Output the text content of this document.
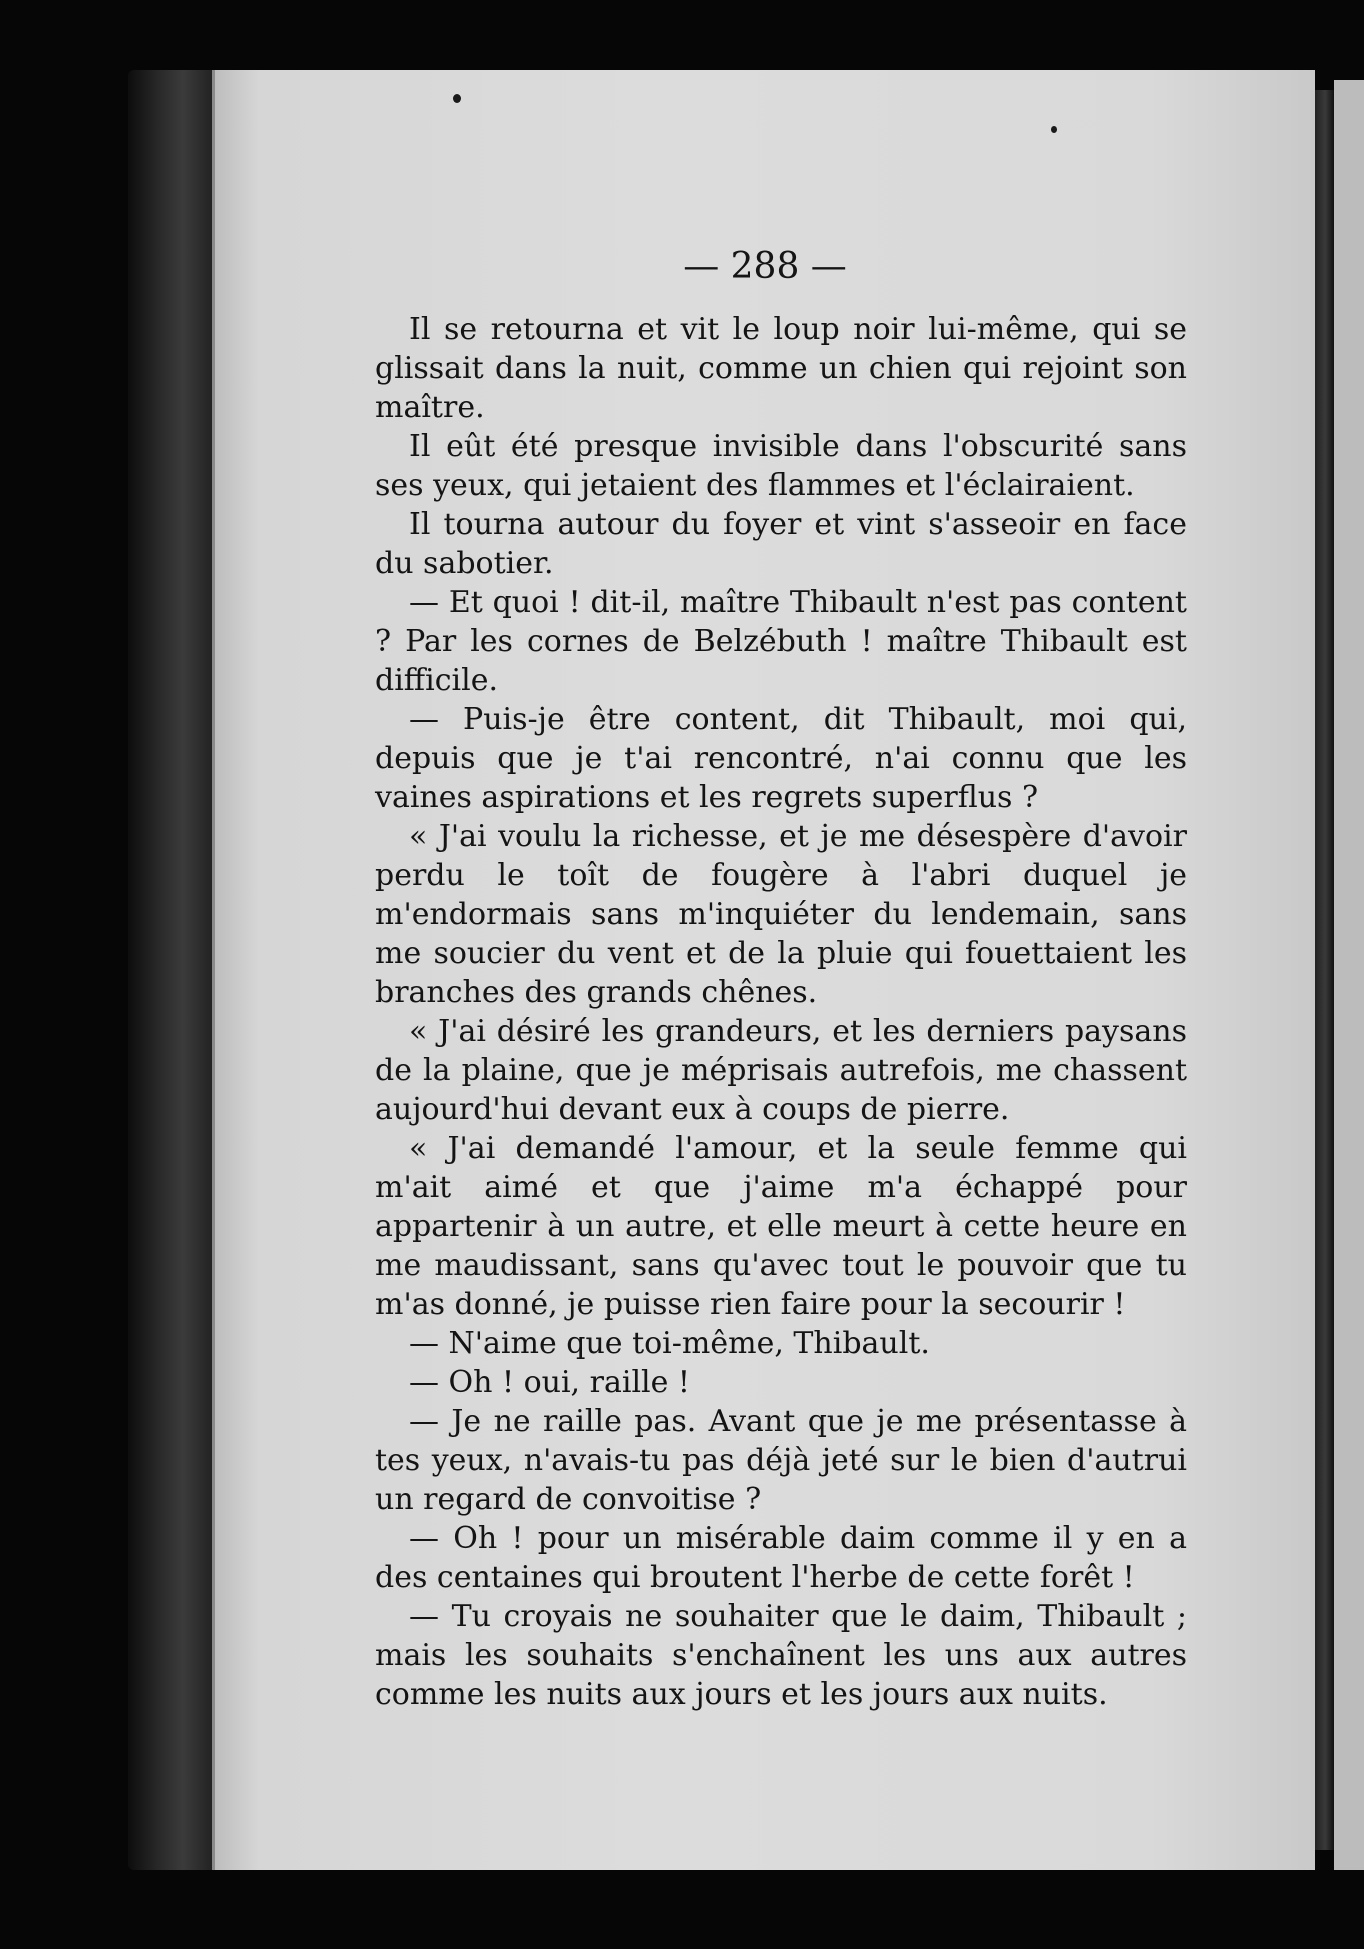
— 288 —

Il se retourna et vit le loup noir lui-même, qui se glissait dans la nuit, comme un chien qui rejoint son maître.

Il eût été presque invisible dans l'obscurité sans ses yeux, qui jetaient des flammes et l'éclairaient.

Il tourna autour du foyer et vint s'asseoir en face du sabotier.

— Et quoi ! dit-il, maître Thibault n'est pas content ? Par les cornes de Belzébuth ! maître Thibault est difficile.

— Puis-je être content, dit Thibault, moi qui, depuis que je t'ai rencontré, n'ai connu que les vaines aspirations et les regrets superflus ?

« J'ai voulu la richesse, et je me désespère d'avoir perdu le toît de fougère à l'abri duquel je m'endormais sans m'inquiéter du lendemain, sans me soucier du vent et de la pluie qui fouettaient les branches des grands chênes.

« J'ai désiré les grandeurs, et les derniers paysans de la plaine, que je méprisais autrefois, me chassent aujourd'hui devant eux à coups de pierre.

« J'ai demandé l'amour, et la seule femme qui m'ait aimé et que j'aime m'a échappé pour appartenir à un autre, et elle meurt à cette heure en me maudissant, sans qu'avec tout le pouvoir que tu m'as donné, je puisse rien faire pour la secourir !

— N'aime que toi-même, Thibault.

— Oh ! oui, raille !

— Je ne raille pas. Avant que je me présentasse à tes yeux, n'avais-tu pas déjà jeté sur le bien d'autrui un regard de convoitise ?

— Oh ! pour un misérable daim comme il y en a des centaines qui broutent l'herbe de cette forêt !

— Tu croyais ne souhaiter que le daim, Thibault ; mais les souhaits s'enchaînent les uns aux autres comme les nuits aux jours et les jours aux nuits.
